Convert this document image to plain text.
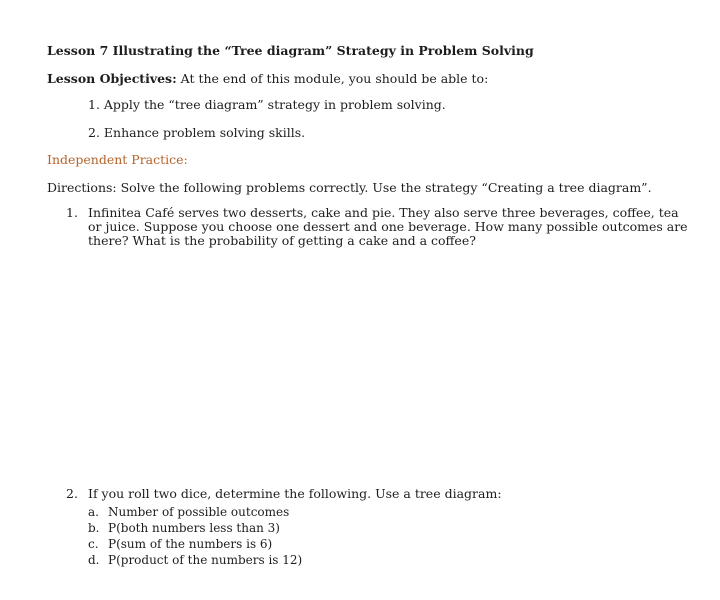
Lesson 7 Illustrating the “Tree diagram” Strategy in Problem Solving
Lesson Objectives: At the end of this module, you should be able to:
1. Apply the “tree diagram” strategy in problem solving.
2. Enhance problem solving skills.
Independent Practice:
Directions: Solve the following problems correctly. Use the strategy “Creating a tree diagram”.
1. Infinitea Café serves two desserts, cake and pie. They also serve three beverages, coffee, tea or juice. Suppose you choose one dessert and one beverage. How many possible outcomes are there? What is the probability of getting a cake and a coffee?
2. If you roll two dice, determine the following. Use a tree diagram:
a. Number of possible outcomes
b. P(both numbers less than 3)
c. P(sum of the numbers is 6)
d. P(product of the numbers is 12)
